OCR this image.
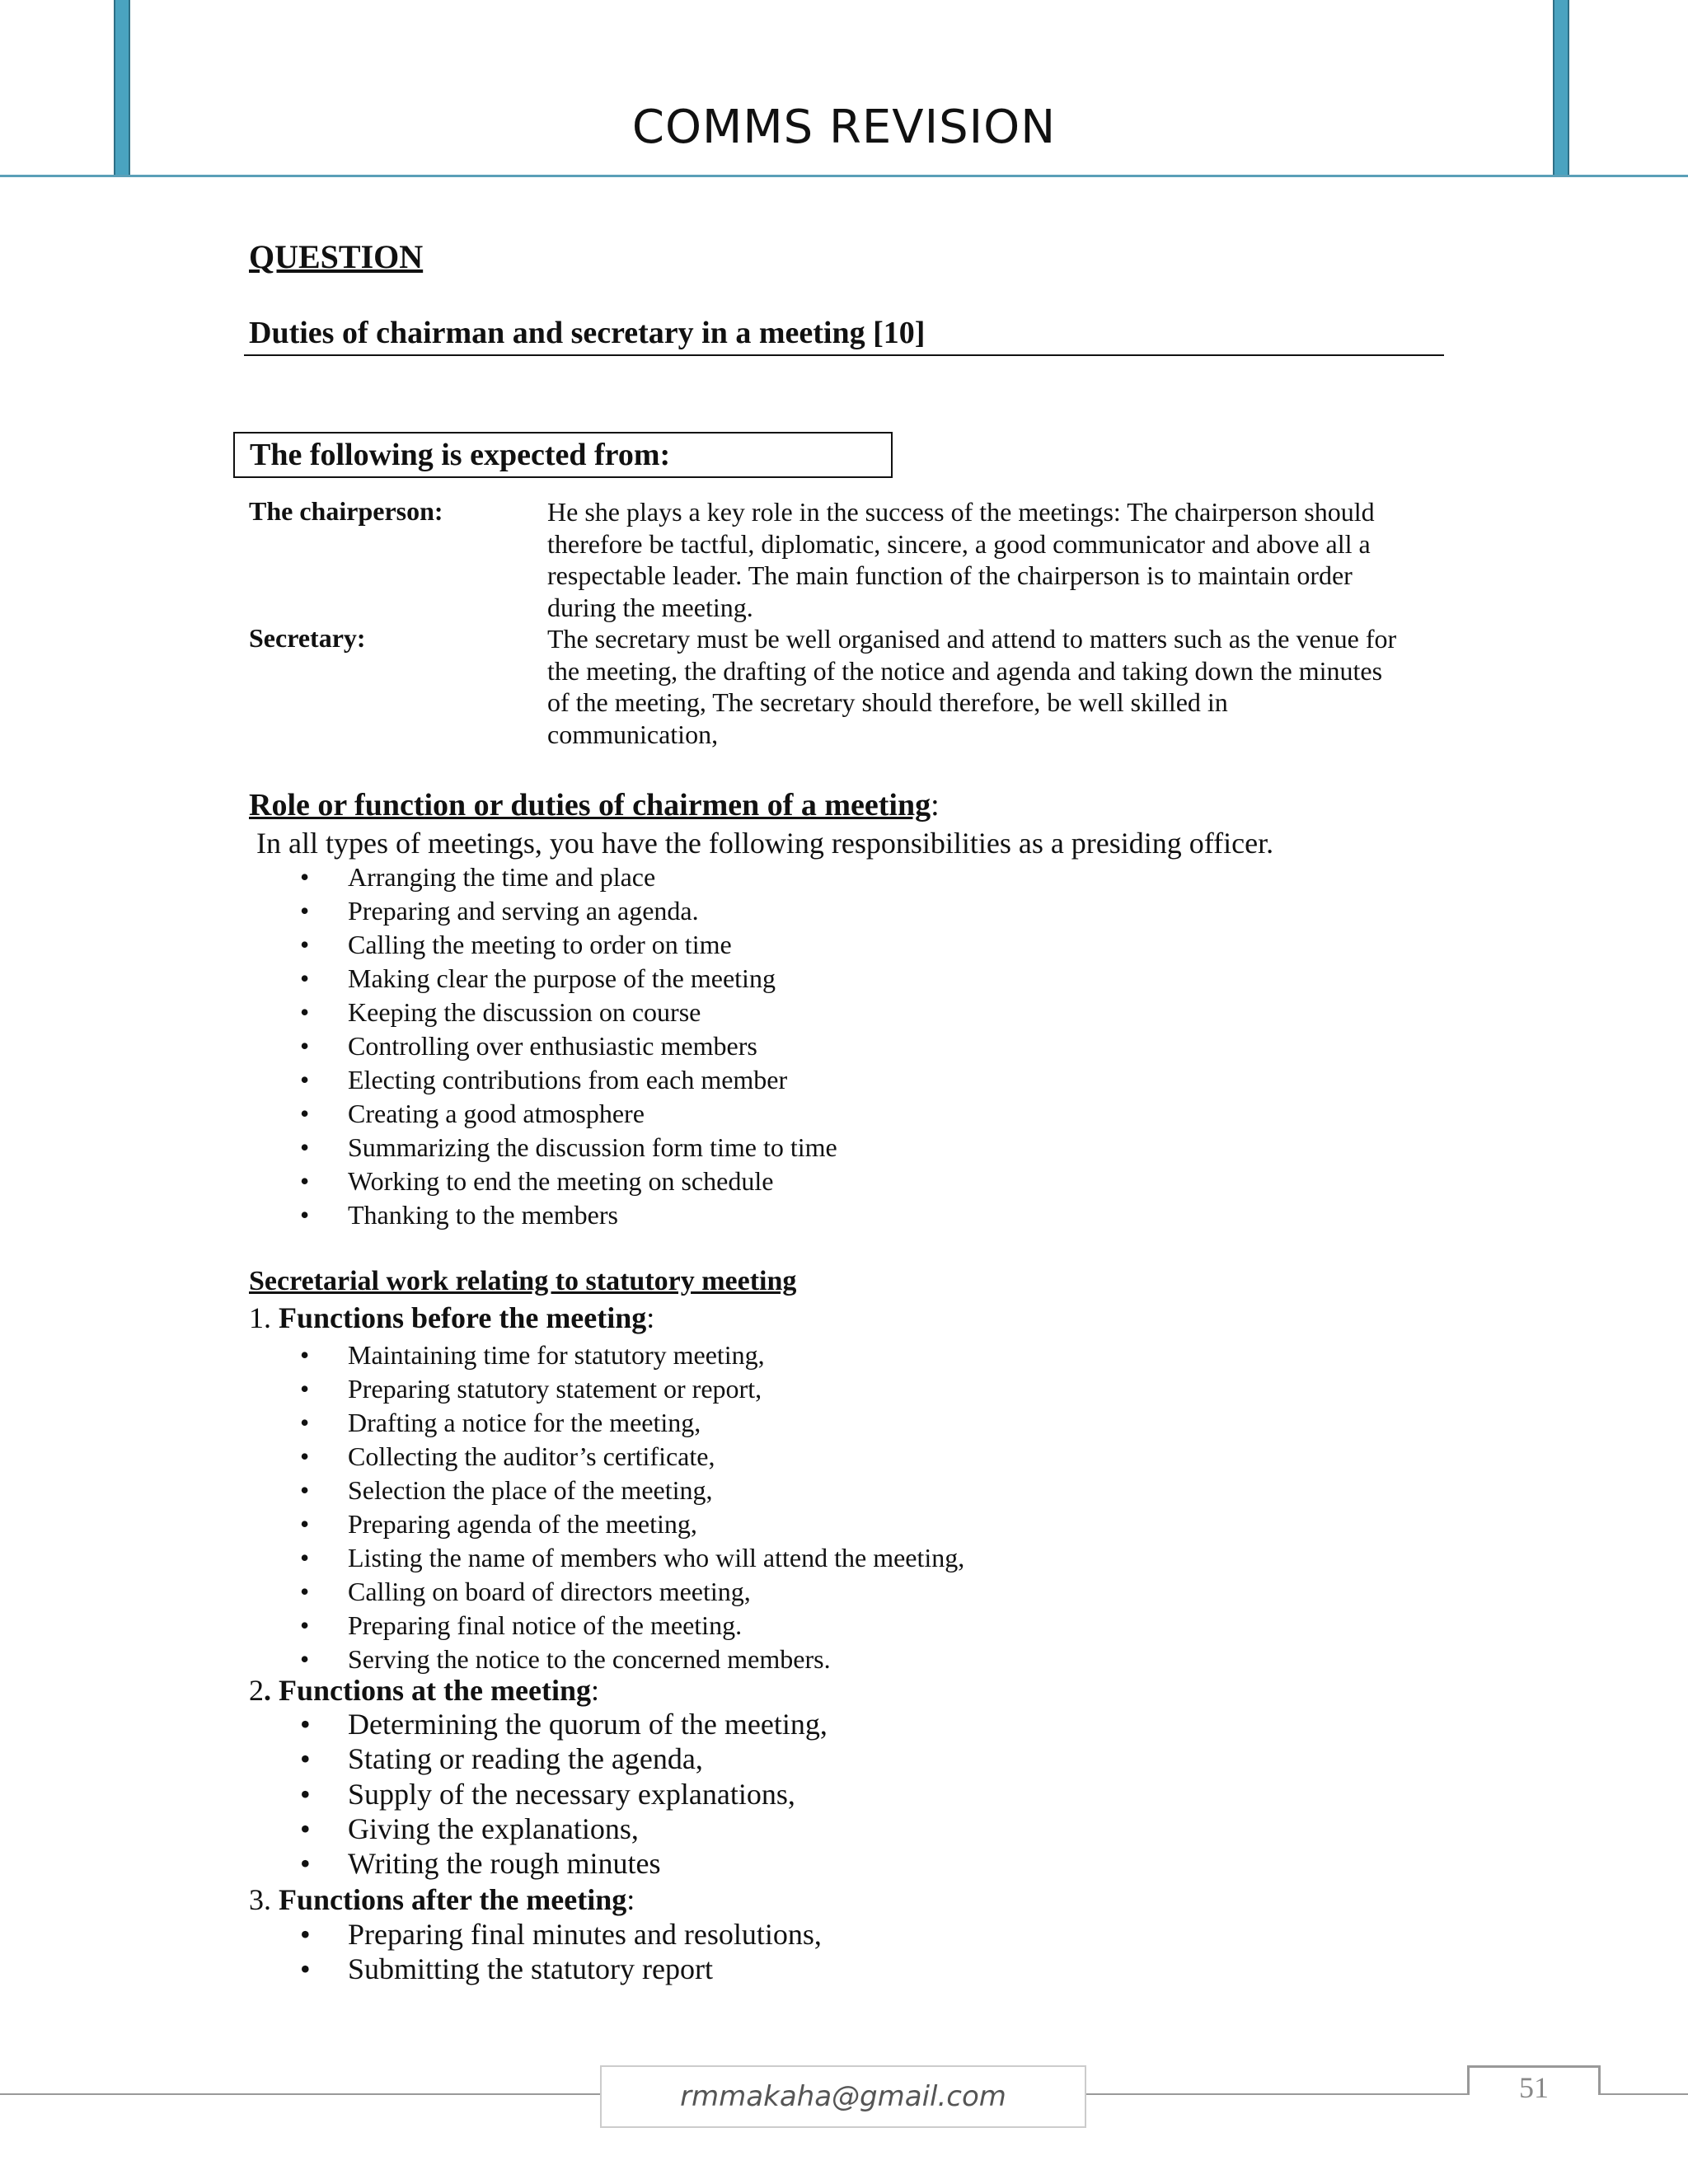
COMMS REVISION
QUESTION
Duties of chairman and secretary in a meeting [10]
The following is expected from:
The chairperson:	He she plays a key role in the success of the meetings: The chairperson should
therefore be tactful, diplomatic, sincere, a good communicator and above all a
respectable leader. The main function of the chairperson is to maintain order
during the meeting.
Secretary:	The secretary must be well organised and attend to matters such as the venue for
the meeting, the drafting of the notice and agenda and taking down the minutes
of the meeting, The secretary should therefore, be well skilled in
communication,
Role or function or duties of chairmen of a meeting:
In all types of meetings, you have the following responsibilities as a presiding officer.
• Arranging the time and place
• Preparing and serving an agenda.
• Calling the meeting to order on time
• Making clear the purpose of the meeting
• Keeping the discussion on course
• Controlling over enthusiastic members
• Electing contributions from each member
• Creating a good atmosphere
• Summarizing the discussion form time to time
• Working to end the meeting on schedule
• Thanking to the members
Secretarial work relating to statutory meeting
1. Functions before the meeting:
• Maintaining time for statutory meeting,
• Preparing statutory statement or report,
• Drafting a notice for the meeting,
• Collecting the auditor’s certificate,
• Selection the place of the meeting,
• Preparing agenda of the meeting,
• Listing the name of members who will attend the meeting,
• Calling on board of directors meeting,
• Preparing final notice of the meeting.
• Serving the notice to the concerned members.
2. Functions at the meeting:
• Determining the quorum of the meeting,
• Stating or reading the agenda,
• Supply of the necessary explanations,
• Giving the explanations,
• Writing the rough minutes
3. Functions after the meeting:
• Preparing final minutes and resolutions,
• Submitting the statutory report
rmmakaha@gmail.com	51
